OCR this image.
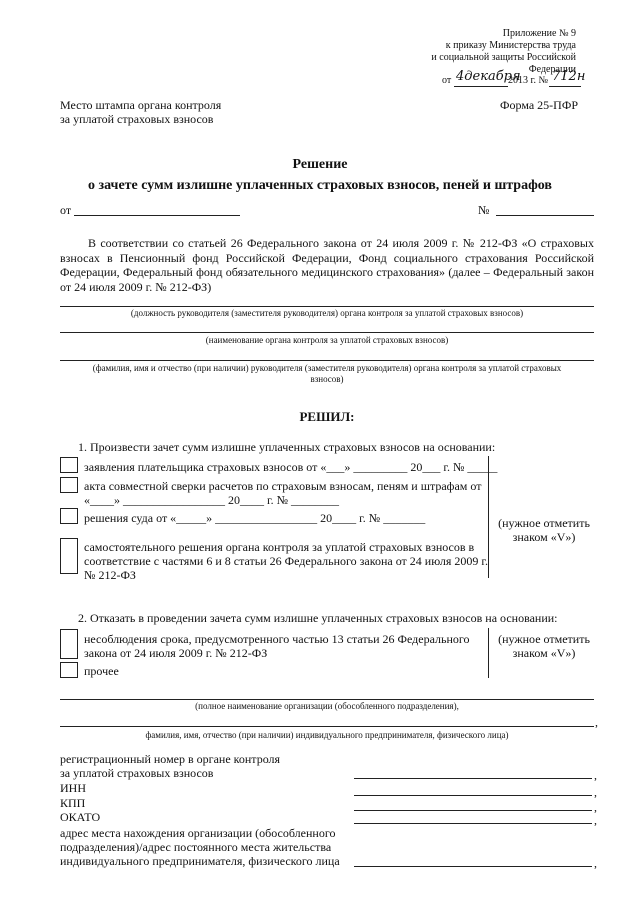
Приложение № 9
к приказу Министерства труда
и социальной защиты Российской
Федерации
от 4декабря
2013 г. № 712н
Место штампа органа контроля
за уплатой страховых взносов
Форма 25-ПФР
Решение
о зачете сумм излишне уплаченных страховых взносов, пеней и штрафов
от	№
В соответствии со статьей 26 Федерального закона от 24 июля 2009 г. № 212-ФЗ «О страховых взносах в Пенсионный фонд Российской Федерации, Фонд социального страхования Российской Федерации, Федеральный фонд обязательного медицинского страхования» (далее – Федеральный закон от 24 июля 2009 г. № 212-ФЗ)
(должность руководителя (заместителя руководителя) органа контроля за уплатой страховых взносов)
(наименование органа контроля за уплатой страховых взносов)
(фамилия, имя и отчество (при наличии) руководителя (заместителя руководителя) органа контроля за уплатой страховых
взносов)
РЕШИЛ:
1. Произвести зачет сумм излишне уплаченных страховых взносов на основании:
заявления плательщика страховых взносов от «___» _________ 20___ г. № _____
акта совместной сверки расчетов по страховым взносам, пеням и штрафам от
«____» _________________ 20____ г. № ________
решения суда от «_____» _________________ 20____ г. № _______
самостоятельного решения органа контроля за уплатой страховых взносов в
соответствие с частями 6 и 8 статьи 26 Федерального закона от 24 июля 2009 г.
№ 212-ФЗ
(нужное отметить
знаком «V»)
2. Отказать в проведении зачета сумм излишне уплаченных страховых взносов на основании:
несоблюдения срока, предусмотренного частью 13 статьи 26 Федерального
закона от 24 июля 2009 г. № 212-ФЗ
прочее
(нужное отметить
знаком «V»)
(полное наименование организации (обособленного подразделения),
,
фамилия, имя, отчество (при наличии) индивидуального предпринимателя, физического лица)
регистрационный номер в органе контроля
за уплатой страховых взносов	,
ИНН	,
КПП	,
ОКАТО	,
адрес места нахождения организации (обособленного
подразделения)/адрес постоянного места жительства
индивидуального предпринимателя, физического лица	,
